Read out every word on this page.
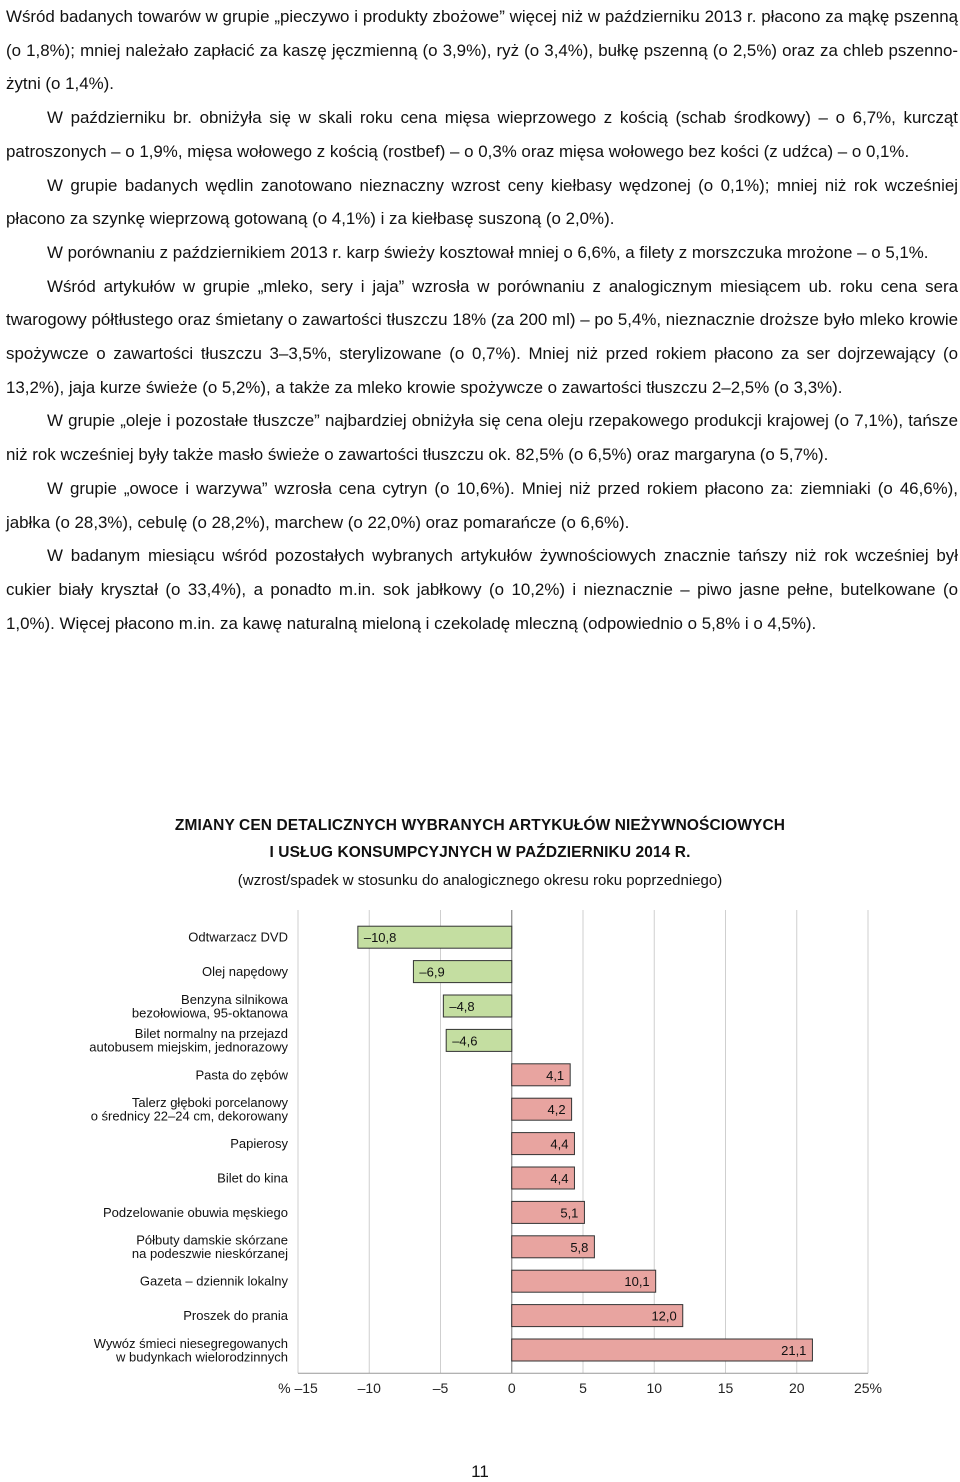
Wśród badanych towarów w grupie „pieczywo i produkty zbożowe” więcej niż w październiku 2013 r. płacono za mąkę pszenną (o 1,8%); mniej należało zapłacić za kaszę jęczmienną (o 3,9%), ryż (o 3,4%), bułkę pszenną (o 2,5%) oraz za chleb pszenno-żytni (o 1,4%).

W październiku br. obniżyła się w skali roku cena mięsa wieprzowego z kością (schab środkowy) – o 6,7%, kurcząt patroszonych – o 1,9%, mięsa wołowego z kością (rostbef) – o 0,3% oraz mięsa wołowego bez kości (z udźca) – o 0,1%.

W grupie badanych wędlin zanotowano nieznaczny wzrost ceny kiełbasy wędzonej (o 0,1%); mniej niż rok wcześniej płacono za szynkę wieprzową gotowaną (o 4,1%) i za kiełbasę suszoną (o 2,0%).

W porównaniu z październikiem 2013 r. karp świeży kosztował mniej o 6,6%, a filety z morszczuka mrożone – o 5,1%.

Wśród artykułów w grupie „mleko, sery i jaja” wzrosła w porównaniu z analogicznym miesiącem ub. roku cena sera twarogowy półtłustego oraz śmietany o zawartości tłuszczu 18% (za 200 ml) – po 5,4%, nieznacznie droższe było mleko krowie spożywcze o zawartości tłuszczu 3–3,5%, sterylizowane (o 0,7%). Mniej niż przed rokiem płacono za ser dojrzewający (o 13,2%), jaja kurze świeże (o 5,2%), a także za mleko krowie spożywcze o zawartości tłuszczu 2–2,5% (o 3,3%).

W grupie „oleje i pozostałe tłuszcze” najbardziej obniżyła się cena oleju rzepakowego produkcji krajowej (o 7,1%), tańsze niż rok wcześniej były także masło świeże o zawartości tłuszczu ok. 82,5% (o 6,5%) oraz margaryna (o 5,7%).

W grupie „owoce i warzywa” wzrosła cena cytryn (o 10,6%). Mniej niż przed rokiem płacono za: ziemniaki (o 46,6%), jabłka (o 28,3%), cebulę (o 28,2%), marchew (o 22,0%) oraz pomarańcze (o 6,6%).

W badanym miesiącu wśród pozostałych wybranych artykułów żywnościowych znacznie tańszy niż rok wcześniej był cukier biały kryształ (o 33,4%), a ponadto m.in. sok jabłkowy (o 10,2%) i nieznacznie – piwo jasne pełne, butelkowane (o 1,0%). Więcej płacono m.in. za kawę naturalną mieloną i czekoladę mleczną (odpowiednio o 5,8% i o 4,5%).

ZMIANY CEN DETALICZNYCH WYBRANYCH ARTYKUŁÓW NIEŻYWNOŚCIOWYCH
I USŁUG KONSUMPCYJNYCH W PAŹDZIERNIKU 2014 R.
(wzrost/spadek w stosunku do analogicznego okresu roku poprzedniego)
% –15	–10	–5	0	5	10	15	20	25%
–10,8
Odtwarzacz DVD
–6,9
Olej napędowy
–4,8
Benzyna silnikowa
bezołowiowa, 95-oktanowa
–4,6
Bilet normalny na przejazd
autobusem miejskim, jednorazowy
4,1
Pasta do zębów
4,2
Talerz głęboki porcelanowy
o średnicy 22–24 cm, dekorowany
4,4
Papierosy
4,4
Bilet do kina
5,1
Podzelowanie obuwia męskiego
5,8
Półbuty damskie skórzane
na podeszwie nieskórzanej
10,1
Gazeta – dziennik lokalny
12,0
Proszek do prania
21,1
Wywóz śmieci niesegregowanych
w budynkach wielorodzinnych
11
